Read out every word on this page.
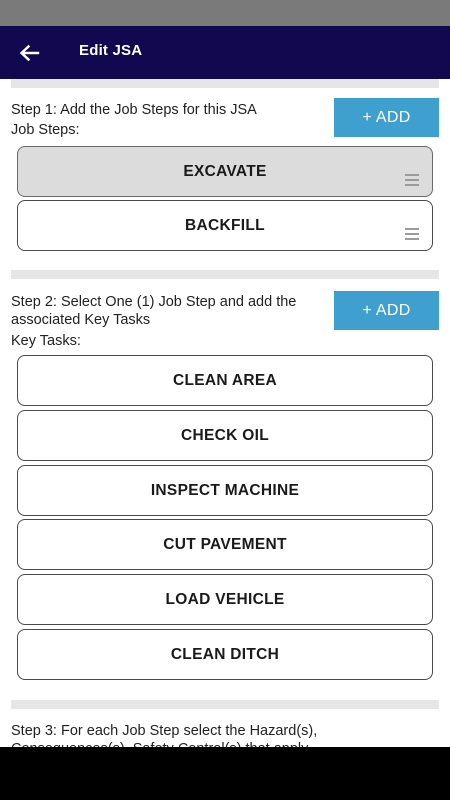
Edit JSA
Step 1: Add the Job Steps for this JSA
Job Steps:
+ ADD
EXCAVATE
BACKFILL
Step 2: Select One (1) Job Step and add the associated Key Tasks
Key Tasks:
+ ADD
CLEAN AREA
CHECK OIL
INSPECT MACHINE
CUT PAVEMENT
LOAD VEHICLE
CLEAN DITCH
Step 3: For each Job Step select the Hazard(s),
